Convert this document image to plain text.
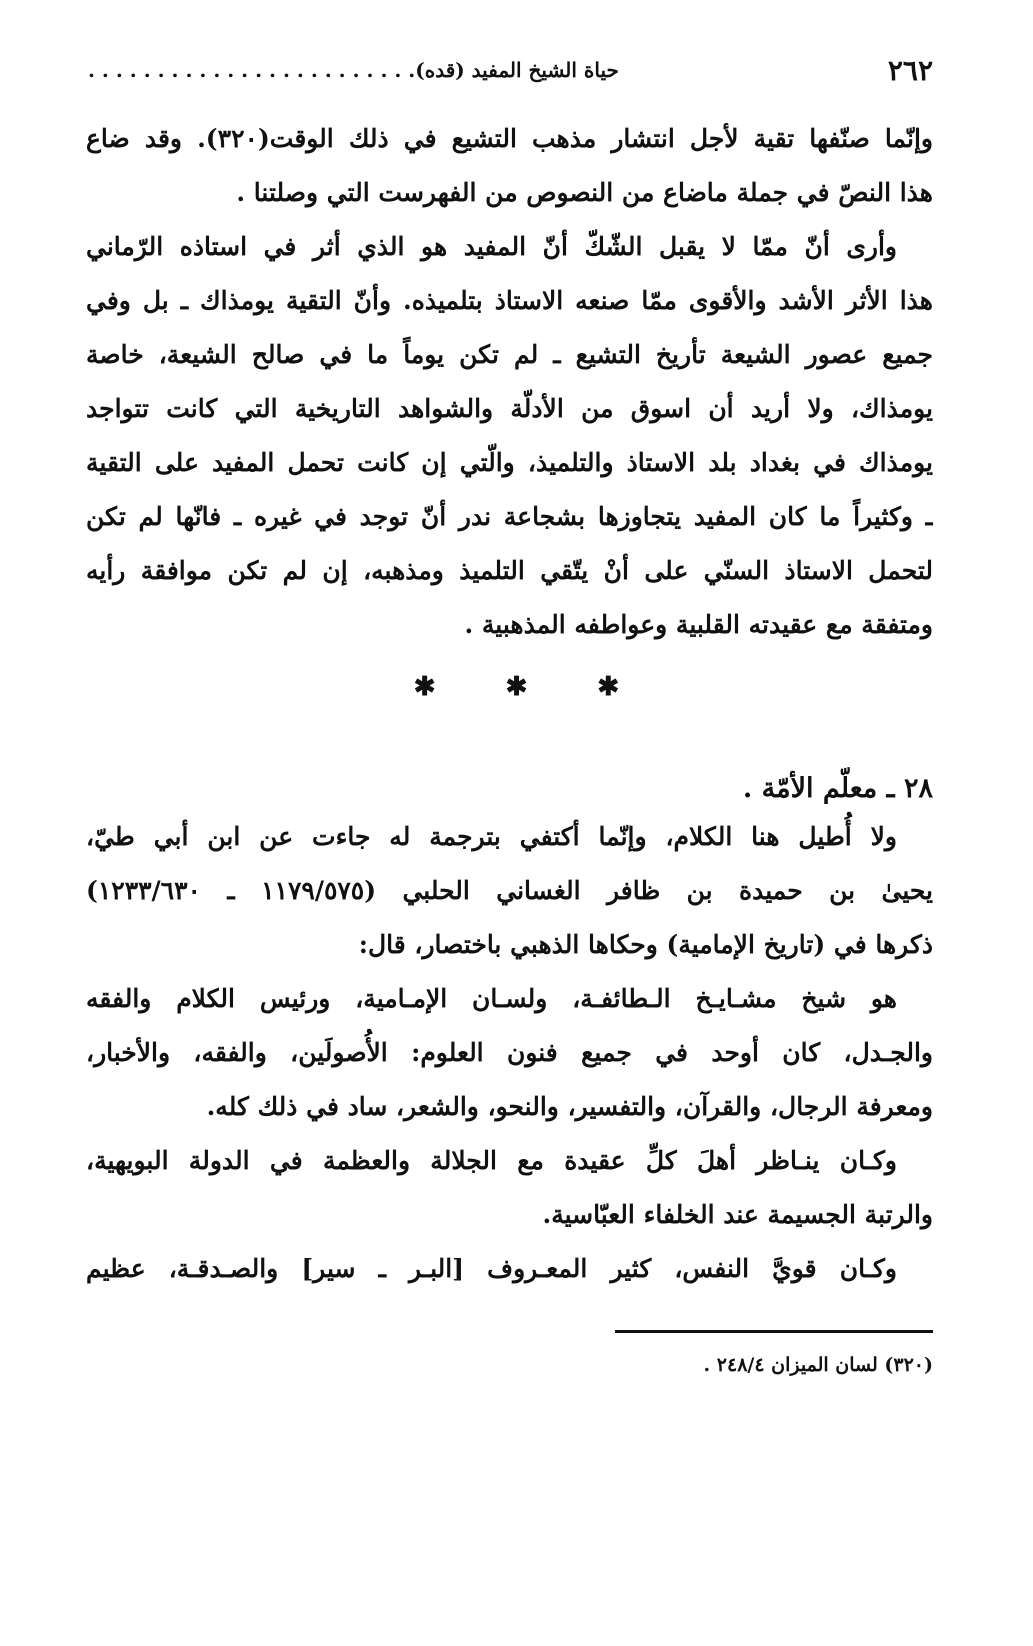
٢٦٢
حياة الشيخ المفيد (قده). . . . . . . . . . . . . . . . . . . . . . . .
وإنّما صنّفها تقية لأجل انتشار مذهب التشيع في ذلك الوقت(٣٢٠). وقد ضاع
هذا النصّ في جملة ماضاع من النصوص من الفهرست التي وصلتنا .
وأرى أنّ ممّا لا يقبل الشّكّ أنّ المفيد هو الذي أثر في استاذه الرّماني
هذا الأثر الأشد والأقوى ممّا صنعه الاستاذ بتلميذه. وأنّ التقية يومذاك ـ بل وفي
جميع عصور الشيعة تأريخ التشيع ـ لم تكن يوماً ما في صالح الشيعة، خاصة
يومذاك، ولا أريد أن اسوق من الأدلّة والشواهد التاريخية التي كانت تتواجد
يومذاك في بغداد بلد الاستاذ والتلميذ، والّتي إن كانت تحمل المفيد على التقية
ـ وكثيراً ما كان المفيد يتجاوزها بشجاعة ندر أنّ توجد في غيره ـ فانّها لم تكن
لتحمل الاستاذ السنّي على أنْ يتّقي التلميذ ومذهبه، إن لم تكن موافقة رأيه
ومتفقة مع عقيدته القلبية وعواطفه المذهبية .
✱	✱	✱
٢٨ ـ معلّم الأمّة .
ولا أُطيل هنا الكلام، وإنّما أكتفي بترجمة له جاءت عن ابن أبي طيّ،
يحيىٰ بن حميدة بن ظافر الغساني الحلبي (١١٧٩/٥٧٥ ـ ١٢٣٣/٦٣٠)
ذكرها في (تاريخ الإمامية) وحكاها الذهبي باختصار، قال:
هو شيخ مشـايـخ الـطائفـة، ولسـان الإمـامية، ورئيس الكلام والفقه
والجـدل، كان أوحد في جميع فنون العلوم: الأُصولَين، والفقه، والأخبار،
ومعرفة الرجال، والقرآن، والتفسير، والنحو، والشعر، ساد في ذلك كله.
وكـان ينـاظر أهلَ كلِّ عقيدة مع الجلالة والعظمة في الدولة البويهية،
والرتبة الجسيمة عند الخلفاء العبّاسية.
وكـان قويَّ النفس، كثير المعـروف [البـر ـ سير] والصـدقـة، عظيم
(٣٢٠) لسان الميزان ٢٤٨/٤ .
